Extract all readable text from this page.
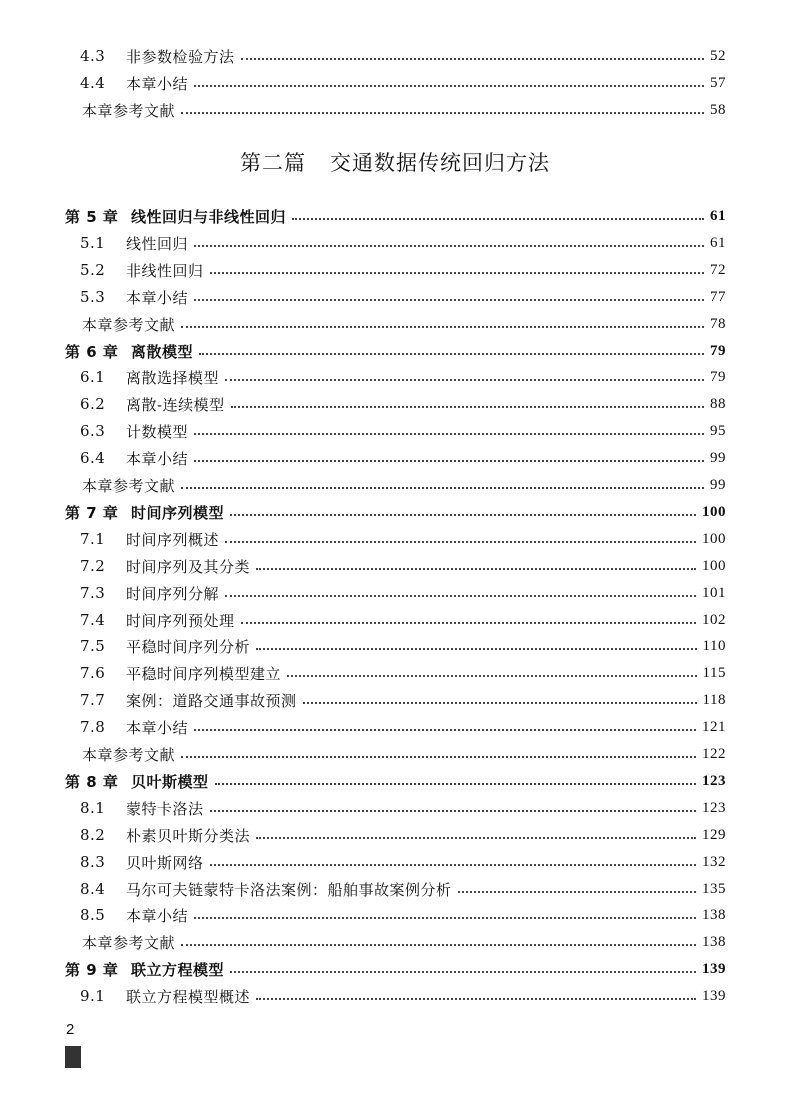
4.3	非参数检验方法	52
4.4	本章小结	57
本章参考文献	58
第二篇 交通数据传统回归方法
第 5 章 线性回归与非线性回归	61
5.1	线性回归	61
5.2	非线性回归	72
5.3	本章小结	77
本章参考文献	78
第 6 章 离散模型	79
6.1	离散选择模型	79
6.2	离散-连续模型	88
6.3	计数模型	95
6.4	本章小结	99
本章参考文献	99
第 7 章 时间序列模型	100
7.1	时间序列概述	100
7.2	时间序列及其分类	100
7.3	时间序列分解	101
7.4	时间序列预处理	102
7.5	平稳时间序列分析	110
7.6	平稳时间序列模型建立	115
7.7	案例：道路交通事故预测	118
7.8	本章小结	121
本章参考文献	122
第 8 章 贝叶斯模型	123
8.1	蒙特卡洛法	123
8.2	朴素贝叶斯分类法	129
8.3	贝叶斯网络	132
8.4	马尔可夫链蒙特卡洛法案例：船舶事故案例分析	135
8.5	本章小结	138
本章参考文献	138
第 9 章 联立方程模型	139
9.1	联立方程模型概述	139
2
